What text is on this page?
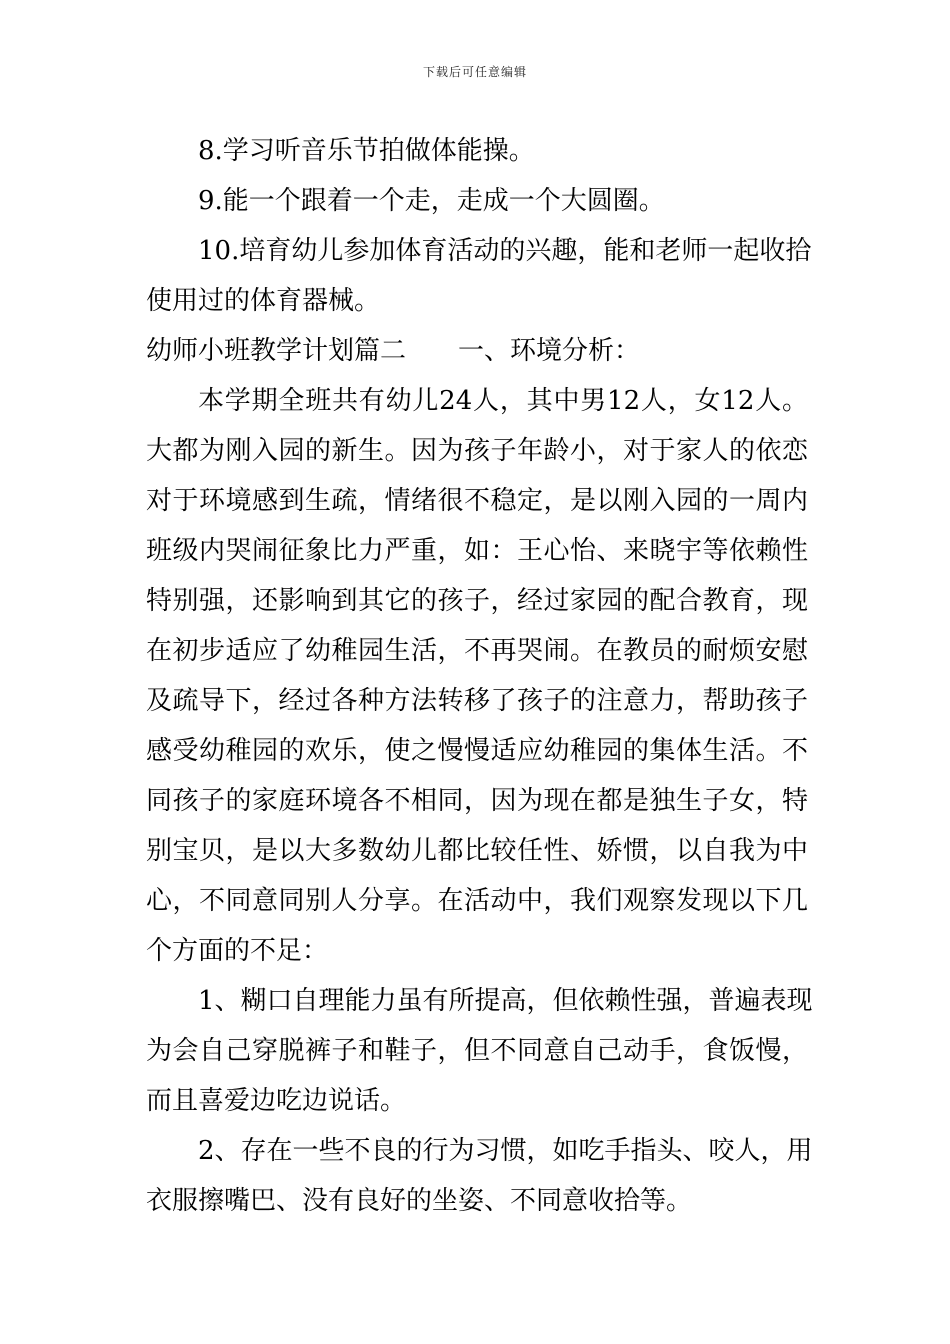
下载后可任意编辑
8.学习听音乐节拍做体能操。
9.能一个跟着一个走，走成一个大圆圈。
10.培育幼儿参加体育活动的兴趣，能和老师一起收拾
使用过的体育器械。
幼师小班教学计划篇二 一、环境分析：
本学期全班共有幼儿24人，其中男12人，女12人。
大都为刚入园的新生。因为孩子年龄小，对于家人的依恋
对于环境感到生疏，情绪很不稳定，是以刚入园的一周内
班级内哭闹征象比力严重，如：王心怡、来晓宇等依赖性
特别强，还影响到其它的孩子，经过家园的配合教育，现
在初步适应了幼稚园生活，不再哭闹。在教员的耐烦安慰
及疏导下，经过各种方法转移了孩子的注意力，帮助孩子
感受幼稚园的欢乐，使之慢慢适应幼稚园的集体生活。不
同孩子的家庭环境各不相同，因为现在都是独生子女，特
别宝贝，是以大多数幼儿都比较任性、娇惯，以自我为中
心，不同意同别人分享。在活动中，我们观察发现以下几
个方面的不足：
1、糊口自理能力虽有所提高，但依赖性强，普遍表现
为会自己穿脱裤子和鞋子，但不同意自己动手，食饭慢，
而且喜爱边吃边说话。
2、存在一些不良的行为习惯，如吃手指头、咬人，用
衣服擦嘴巴、没有良好的坐姿、不同意收拾等。
